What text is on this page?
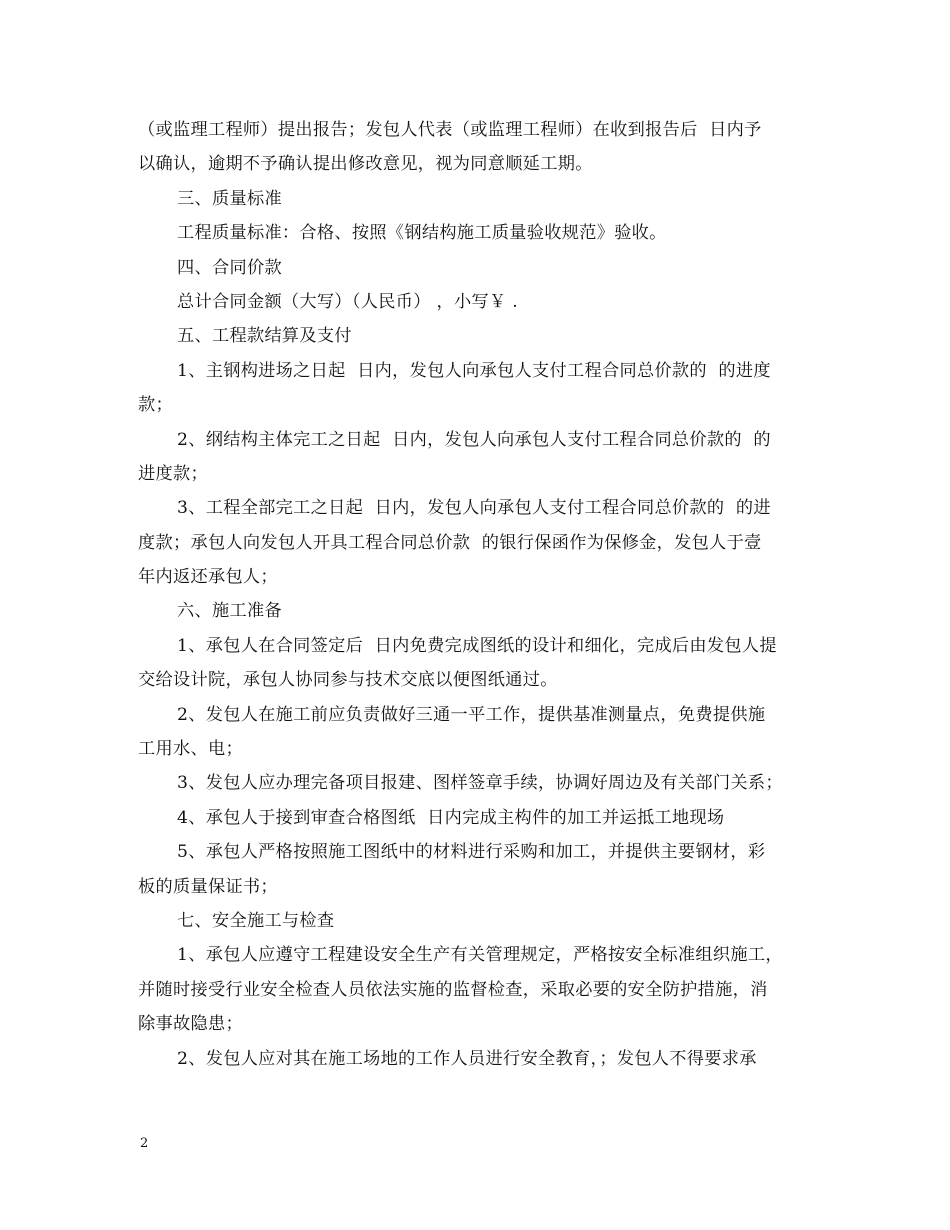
（或监理工程师）提出报告；发包人代表（或监理工程师）在收到报告后  日内予
以确认，逾期不予确认提出修改意见，视为同意顺延工期。
三、质量标准
工程质量标准：合格、按照《钢结构施工质量验收规范》验收。
四、合同价款
总计合同金额（大写）（人民币） ，小写￥ .
五、工程款结算及支付
1、主钢构进场之日起  日内，发包人向承包人支付工程合同总价款的  的进度
款；
2、纲结构主体完工之日起  日内，发包人向承包人支付工程合同总价款的  的
进度款；
3、工程全部完工之日起  日内，发包人向承包人支付工程合同总价款的  的进
度款；承包人向发包人开具工程合同总价款  的银行保函作为保修金，发包人于壹
年内返还承包人；
六、施工准备
1、承包人在合同签定后  日内免费完成图纸的设计和细化，完成后由发包人提
交给设计院，承包人协同参与技术交底以便图纸通过。
2、发包人在施工前应负责做好三通一平工作，提供基准测量点，免费提供施
工用水、电；
3、发包人应办理完备项目报建、图样签章手续，协调好周边及有关部门关系；
4、承包人于接到审查合格图纸  日内完成主构件的加工并运抵工地现场
5、承包人严格按照施工图纸中的材料进行采购和加工，并提供主要钢材，彩
板的质量保证书；
七、安全施工与检查
1、承包人应遵守工程建设安全生产有关管理规定，严格按安全标准组织施工，
并随时接受行业安全检查人员依法实施的监督检查，采取必要的安全防护措施，消
除事故隐患；
2、发包人应对其在施工场地的工作人员进行安全教育，；发包人不得要求承
2
